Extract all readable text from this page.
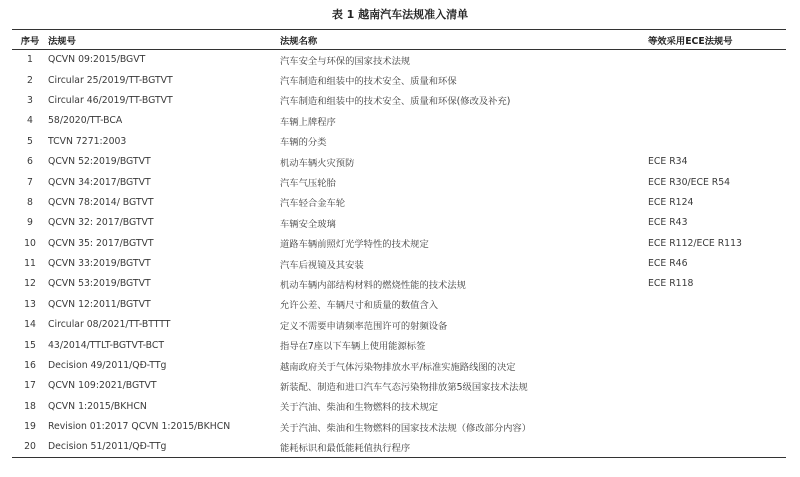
表 1 越南汽车法规准入清单
序号	法规号	法规名称	等效采用ECE法规号
1	QCVN 09:2015/BGVT	汽车安全与环保的国家技术法规	
2	Circular 25/2019/TT-BGTVT	汽车制造和组装中的技术安全、质量和环保	
3	Circular 46/2019/TT-BGTVT	汽车制造和组装中的技术安全、质量和环保(修改及补充)	
4	58/2020/TT-BCA	车辆上牌程序	
5	TCVN 7271:2003	车辆的分类	
6	QCVN 52:2019/BGTVT	机动车辆火灾预防	ECE R34
7	QCVN 34:2017/BGTVT	汽车气压轮胎	ECE R30/ECE R54
8	QCVN 78:2014/ BGTVT	汽车轻合金车轮	ECE R124
9	QCVN 32: 2017/BGTVT	车辆安全玻璃	ECE R43
10	QCVN 35: 2017/BGTVT	道路车辆前照灯光学特性的技术规定	ECE R112/ECE R113
11	QCVN 33:2019/BGTVT	汽车后视镜及其安装	ECE R46
12	QCVN 53:2019/BGTVT	机动车辆内部结构材料的燃烧性能的技术法规	ECE R118
13	QCVN 12:2011/BGTVT	允许公差、车辆尺寸和质量的数值含入	
14	Circular 08/2021/TT-BTTTT	定义不需要申请频率范围许可的射频设备	
15	43/2014/TTLT-BGTVT-BCT	指导在7座以下车辆上使用能源标签	
16	Decision 49/2011/QĐ-TTg	越南政府关于气体污染物排放水平/标准实施路线图的决定	
17	QCVN 109:2021/BGTVT	新装配、制造和进口汽车气态污染物排放第5级国家技术法规	
18	QCVN 1:2015/BKHCN	关于汽油、柴油和生物燃料的技术规定	
19	Revision 01:2017 QCVN 1:2015/BKHCN	关于汽油、柴油和生物燃料的国家技术法规（修改部分内容）	
20	Decision 51/2011/QĐ-TTg	能耗标识和最低能耗值执行程序	
